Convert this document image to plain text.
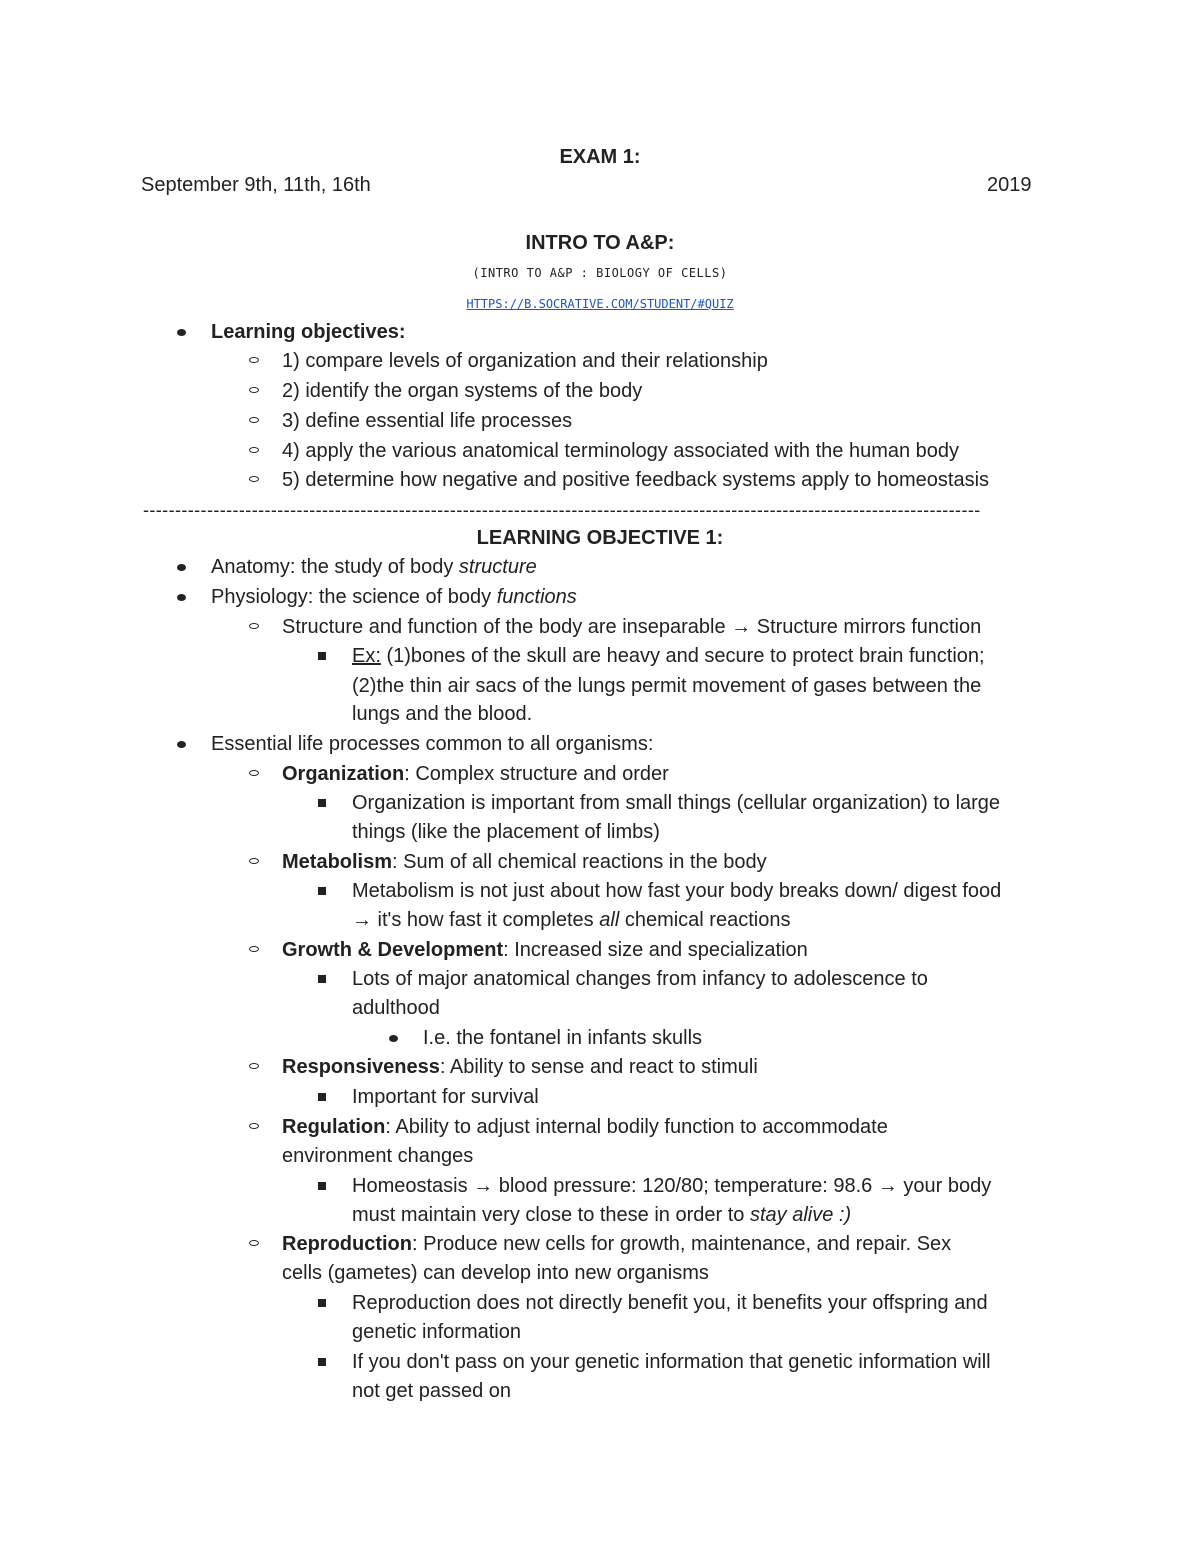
EXAM 1:
September 9th, 11th, 16th	2019
INTRO TO A&P:
(INTRO TO A&P : BIOLOGY OF CELLS)
HTTPS://B.SOCRATIVE.COM/STUDENT/#QUIZ
Learning objectives:
1) compare levels of organization and their relationship
2) identify the organ systems of the body
3) define essential life processes
4) apply the various anatomical terminology associated with the human body
5) determine how negative and positive feedback systems apply to homeostasis
-----------------------------------------------------------------------------------------------------------------------------------
LEARNING OBJECTIVE 1:
Anatomy: the study of body structure
Physiology: the science of body functions
Structure and function of the body are inseparable → Structure mirrors function
Ex: (1)bones of the skull are heavy and secure to protect brain function;
(2)the thin air sacs of the lungs permit movement of gases between the
lungs and the blood.
Essential life processes common to all organisms:
Organization: Complex structure and order
Organization is important from small things (cellular organization) to large
things (like the placement of limbs)
Metabolism: Sum of all chemical reactions in the body
Metabolism is not just about how fast your body breaks down/ digest food
→ it's how fast it completes all chemical reactions
Growth & Development: Increased size and specialization
Lots of major anatomical changes from infancy to adolescence to
adulthood
I.e. the fontanel in infants skulls
Responsiveness: Ability to sense and react to stimuli
Important for survival
Regulation: Ability to adjust internal bodily function to accommodate
environment changes
Homeostasis → blood pressure: 120/80; temperature: 98.6 → your body
must maintain very close to these in order to stay alive :)
Reproduction: Produce new cells for growth, maintenance, and repair. Sex
cells (gametes) can develop into new organisms
Reproduction does not directly benefit you, it benefits your offspring and
genetic information
If you don't pass on your genetic information that genetic information will
not get passed on
